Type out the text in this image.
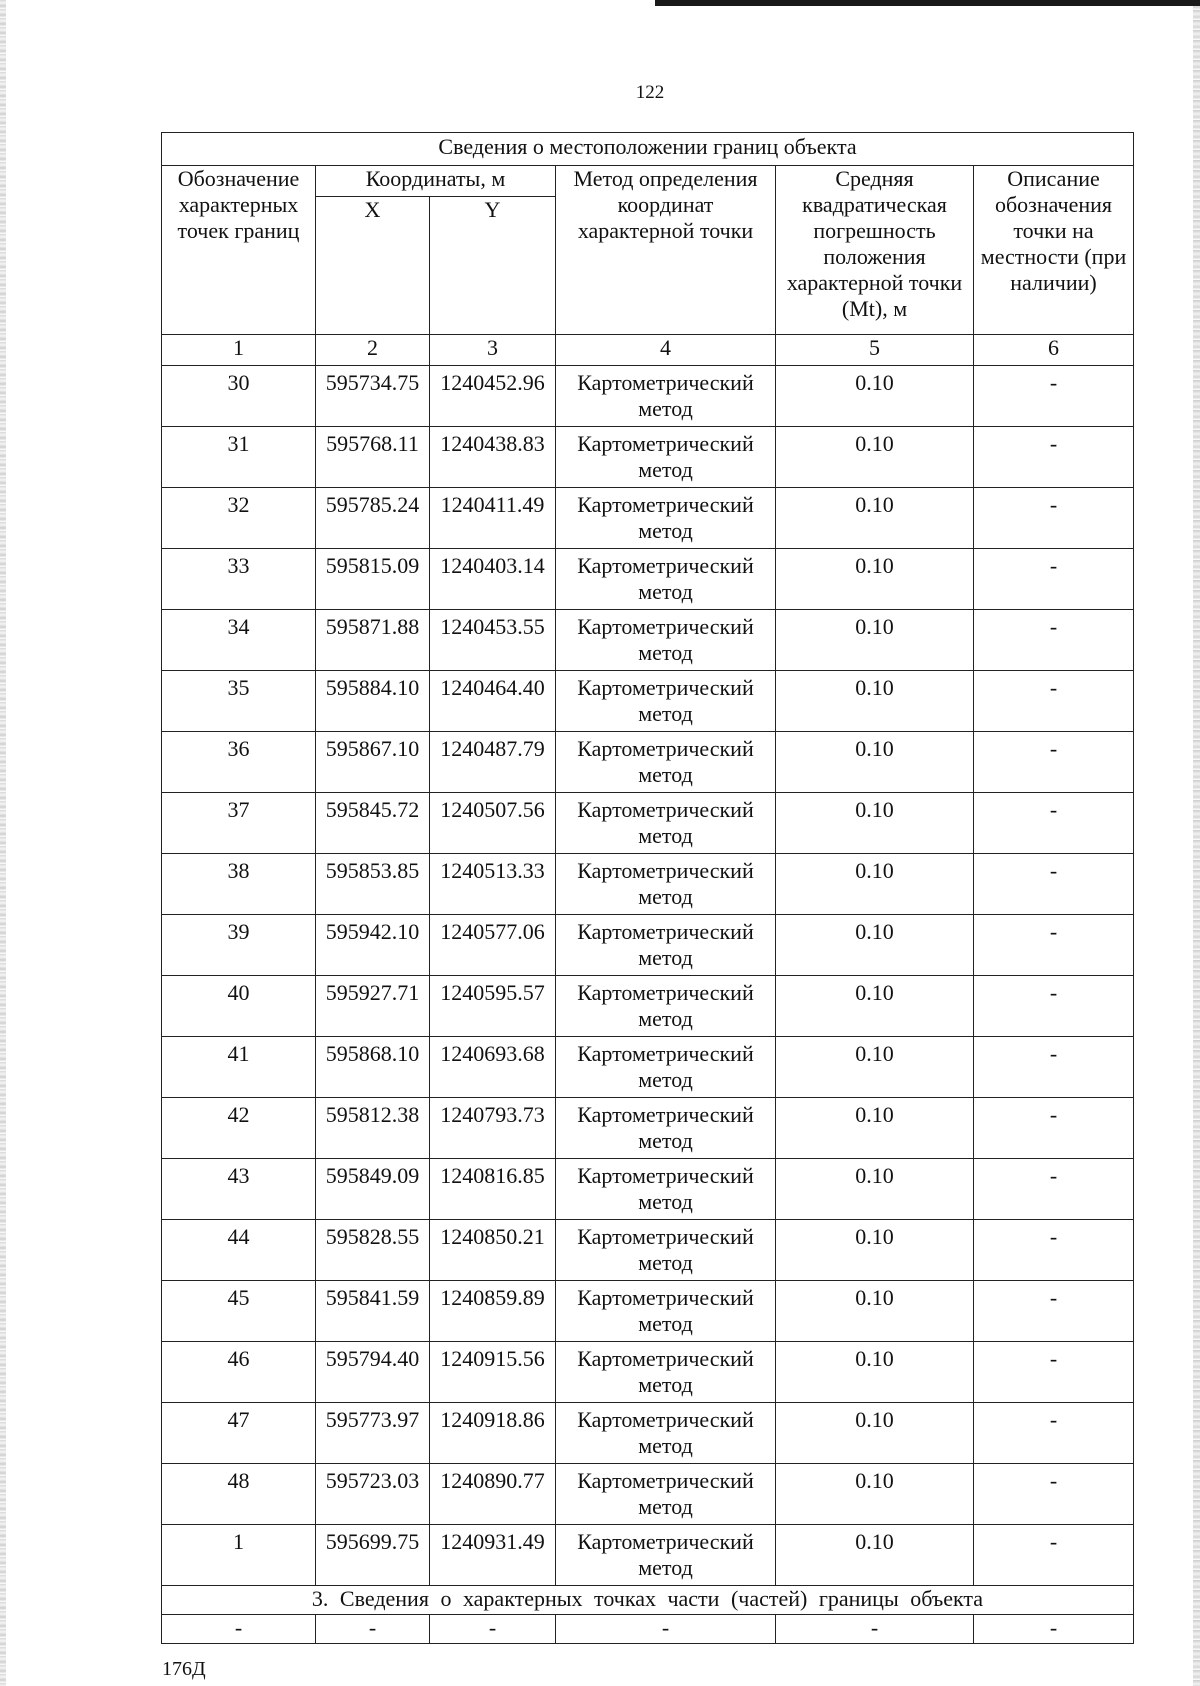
122
Сведения о местоположении границ объекта					
Обозначение характерных точек границ	Координаты, м		Метод определения координат характерной точки	Средняя квадратическая погрешность положения характерной точки (Mt), м	Описание обозначения точки на местности (при наличии)
	X	Y			
1	2	3	4	5	6
30	595734.75	1240452.96	Картометрический метод	0.10	-
31	595768.11	1240438.83	Картометрический метод	0.10	-
32	595785.24	1240411.49	Картометрический метод	0.10	-
33	595815.09	1240403.14	Картометрический метод	0.10	-
34	595871.88	1240453.55	Картометрический метод	0.10	-
35	595884.10	1240464.40	Картометрический метод	0.10	-
36	595867.10	1240487.79	Картометрический метод	0.10	-
37	595845.72	1240507.56	Картометрический метод	0.10	-
38	595853.85	1240513.33	Картометрический метод	0.10	-
39	595942.10	1240577.06	Картометрический метод	0.10	-
40	595927.71	1240595.57	Картометрический метод	0.10	-
41	595868.10	1240693.68	Картометрический метод	0.10	-
42	595812.38	1240793.73	Картометрический метод	0.10	-
43	595849.09	1240816.85	Картометрический метод	0.10	-
44	595828.55	1240850.21	Картометрический метод	0.10	-
45	595841.59	1240859.89	Картометрический метод	0.10	-
46	595794.40	1240915.56	Картометрический метод	0.10	-
47	595773.97	1240918.86	Картометрический метод	0.10	-
48	595723.03	1240890.77	Картометрический метод	0.10	-
1	595699.75	1240931.49	Картометрический метод	0.10	-
3. Сведения о характерных точках части (частей) границы объекта					
-	-	-	-	-	-
176Д
